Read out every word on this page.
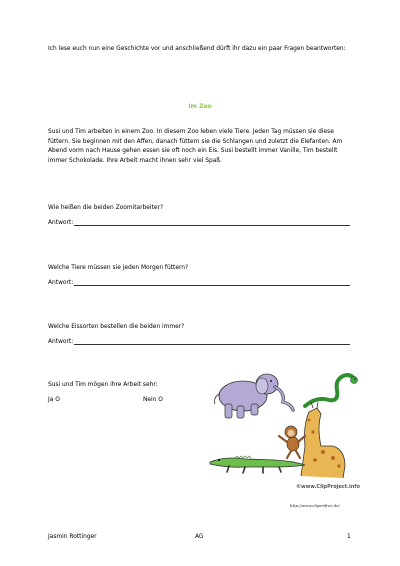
Ich lese euch nun eine Geschichte vor und anschließend dürft ihr dazu ein paar Fragen beantworten:
Im Zoo
Susi und Tim arbeiten in einem Zoo. In diesem Zoo leben viele Tiere. Jeden Tag müssen sie diese füttern. Sie beginnen mit den Affen, danach füttern sie die Schlangen und zuletzt die Elefanten. Am Abend vorm nach Hause gehen essen sie oft noch ein Eis. Susi bestellt immer Vanille, Tim bestellt immer Schokolade. Ihre Arbeit macht ihnen sehr viel Spaß.
Wie heißen die beiden Zoomitarbeiter?
Antwort:
Welche Tiere müssen sie jeden Morgen füttern?
Antwort:
Welche Eissorten bestellen die beiden immer?
Antwort:
Susi und Tim mögen ihre Arbeit sehr:
Ja O	Nein O
©www.ClipProject.info
http://www.clipartfree.de/
Jasmin Rottinger	AG	1
